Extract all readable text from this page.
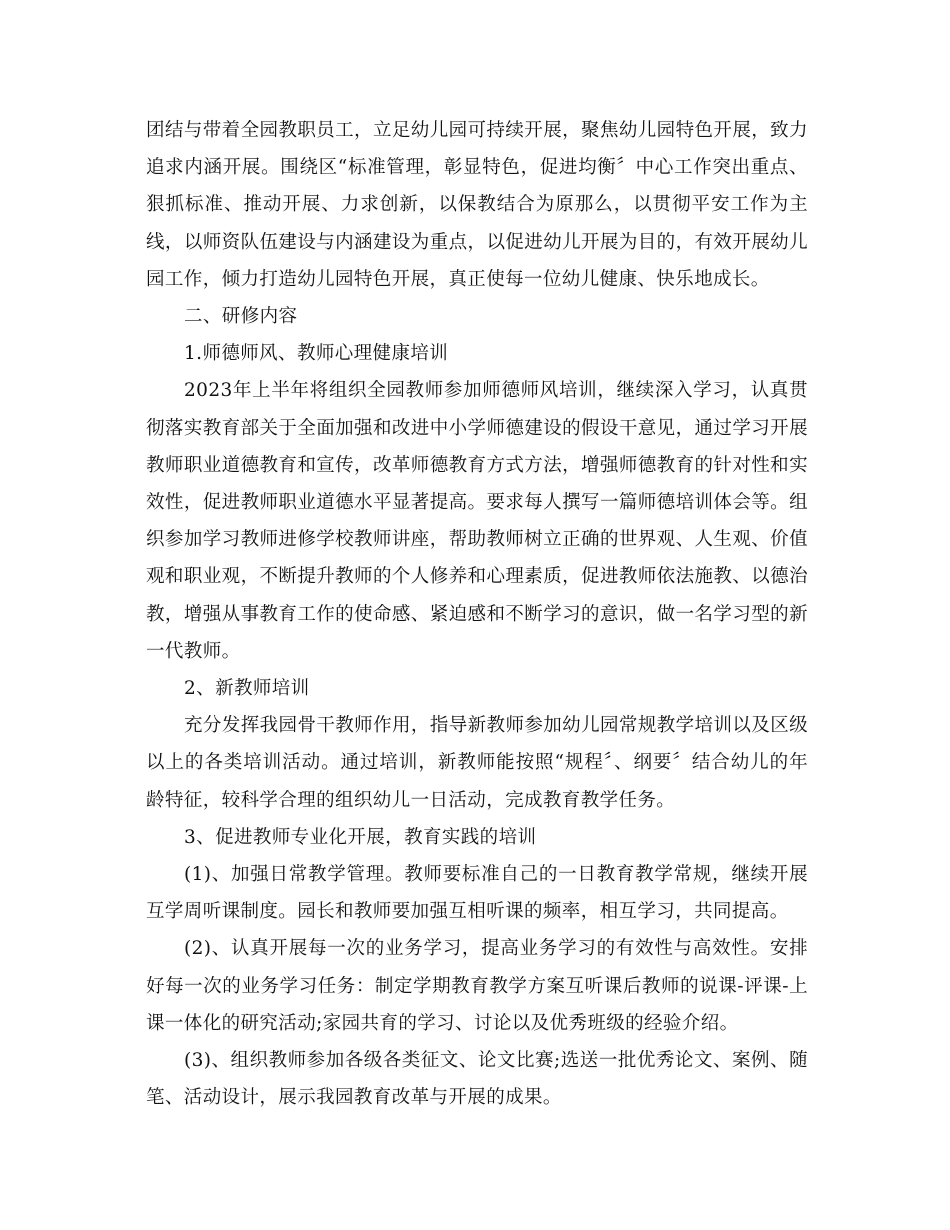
团结与带着全园教职员工，立足幼儿园可持续开展，聚焦幼儿园特色开展，致力追求内涵开展。围绕区“标准管理，彰显特色，促进均衡〞中心工作突出重点、狠抓标准、推动开展、力求创新，以保教结合为原那么，以贯彻平安工作为主线，以师资队伍建设与内涵建设为重点，以促进幼儿开展为目的，有效开展幼儿园工作，倾力打造幼儿园特色开展，真正使每一位幼儿健康、快乐地成长。

二、研修内容

1.师德师风、教师心理健康培训

2023年上半年将组织全园教师参加师德师风培训，继续深入学习，认真贯彻落实教育部关于全面加强和改进中小学师德建设的假设干意见，通过学习开展教师职业道德教育和宣传，改革师德教育方式方法，增强师德教育的针对性和实效性，促进教师职业道德水平显著提高。要求每人撰写一篇师德培训体会等。组织参加学习教师进修学校教师讲座，帮助教师树立正确的世界观、人生观、价值观和职业观，不断提升教师的个人修养和心理素质，促进教师依法施教、以德治教，增强从事教育工作的使命感、紧迫感和不断学习的意识，做一名学习型的新一代教师。

2、新教师培训

充分发挥我园骨干教师作用，指导新教师参加幼儿园常规教学培训以及区级以上的各类培训活动。通过培训，新教师能按照“规程〞、纲要〞结合幼儿的年龄特征，较科学合理的组织幼儿一日活动，完成教育教学任务。

3、促进教师专业化开展，教育实践的培训

(1)、加强日常教学管理。教师要标准自己的一日教育教学常规，继续开展互学周听课制度。园长和教师要加强互相听课的频率，相互学习，共同提高。

(2)、认真开展每一次的业务学习，提高业务学习的有效性与高效性。安排好每一次的业务学习任务：制定学期教育教学方案互听课后教师的说课-评课-上课一体化的研究活动;家园共育的学习、讨论以及优秀班级的经验介绍。

(3)、组织教师参加各级各类征文、论文比赛;选送一批优秀论文、案例、随笔、活动设计，展示我园教育改革与开展的成果。
